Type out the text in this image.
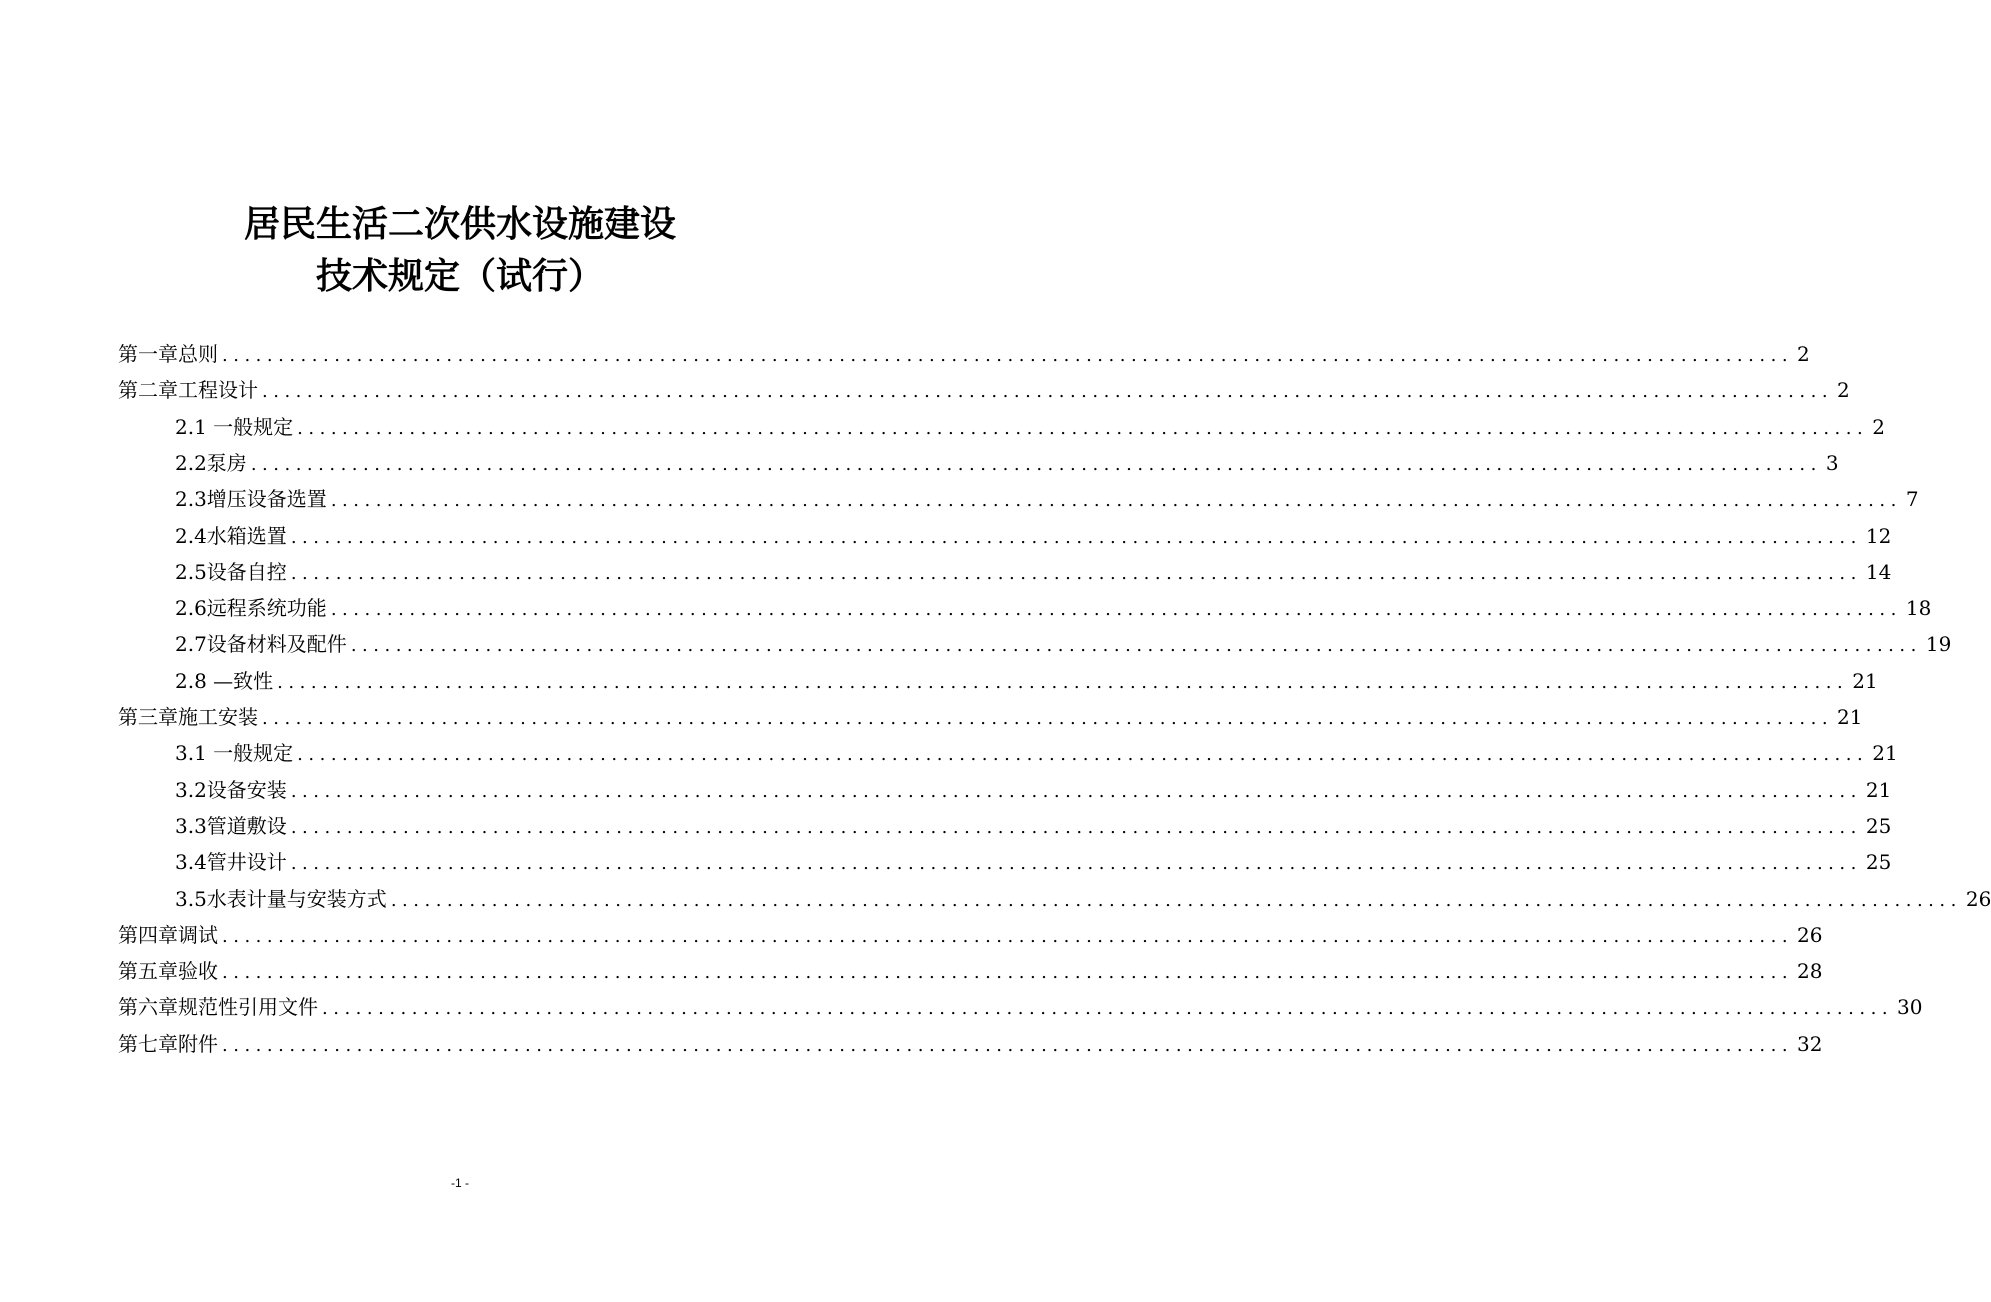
居民生活二次供水设施建设
技术规定（试行）
第一章总则 ............................................................................................................................................ 2
第二章工程设计 ............................................................................................................................................ 2
2.1 一般规定 ............................................................................................................................................ 2
2.2泵房 ............................................................................................................................................ 3
2.3增压设备选置 ............................................................................................................................................ 7
2.4水箱选置 ............................................................................................................................................ 12
2.5设备自控 ............................................................................................................................................ 14
2.6远程系统功能 ............................................................................................................................................ 18
2.7设备材料及配件 ............................................................................................................................................ 19
2.8 —致性 ............................................................................................................................................ 21
第三章施工安装 ............................................................................................................................................ 21
3.1 一般规定 ............................................................................................................................................ 21
3.2设备安装 ............................................................................................................................................ 21
3.3管道敷设 ............................................................................................................................................ 25
3.4管井设计 ............................................................................................................................................ 25
3.5水表计量与安装方式 ............................................................................................................................................ 26
第四章调试 ............................................................................................................................................ 26
第五章验收 ............................................................................................................................................ 28
第六章规范性引用文件 ............................................................................................................................................ 30
第七章附件 ............................................................................................................................................ 32
-1 -
